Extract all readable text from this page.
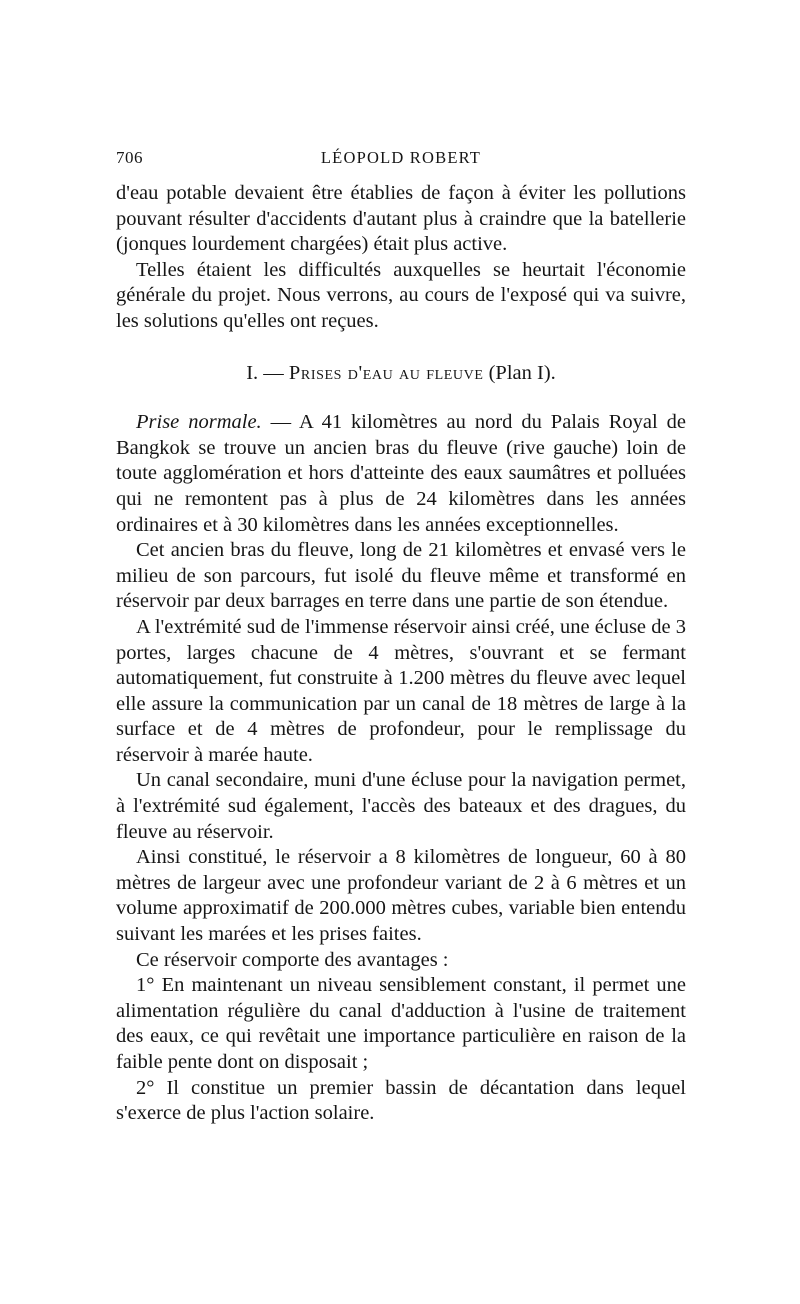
706	LÉOPOLD ROBERT

d'eau potable devaient être établies de façon à éviter les pollutions pouvant résulter d'accidents d'autant plus à craindre que la batellerie (jonques lourdement chargées) était plus active.

Telles étaient les difficultés auxquelles se heurtait l'économie générale du projet. Nous verrons, au cours de l'exposé qui va suivre, les solutions qu'elles ont reçues.

I. — Prises d'eau au fleuve (Plan I).

Prise normale. — A 41 kilomètres au nord du Palais Royal de Bangkok se trouve un ancien bras du fleuve (rive gauche) loin de toute agglomération et hors d'atteinte des eaux saumâtres et polluées qui ne remontent pas à plus de 24 kilomètres dans les années ordinaires et à 30 kilomètres dans les années exceptionnelles.

Cet ancien bras du fleuve, long de 21 kilomètres et envasé vers le milieu de son parcours, fut isolé du fleuve même et transformé en réservoir par deux barrages en terre dans une partie de son étendue.

A l'extrémité sud de l'immense réservoir ainsi créé, une écluse de 3 portes, larges chacune de 4 mètres, s'ouvrant et se fermant automatiquement, fut construite à 1.200 mètres du fleuve avec lequel elle assure la communication par un canal de 18 mètres de large à la surface et de 4 mètres de profondeur, pour le remplissage du réservoir à marée haute.

Un canal secondaire, muni d'une écluse pour la navigation permet, à l'extrémité sud également, l'accès des bateaux et des dragues, du fleuve au réservoir.

Ainsi constitué, le réservoir a 8 kilomètres de longueur, 60 à 80 mètres de largeur avec une profondeur variant de 2 à 6 mètres et un volume approximatif de 200.000 mètres cubes, variable bien entendu suivant les marées et les prises faites.

Ce réservoir comporte des avantages :

1° En maintenant un niveau sensiblement constant, il permet une alimentation régulière du canal d'adduction à l'usine de traitement des eaux, ce qui revêtait une importance particulière en raison de la faible pente dont on disposait ;

2° Il constitue un premier bassin de décantation dans lequel s'exerce de plus l'action solaire.
